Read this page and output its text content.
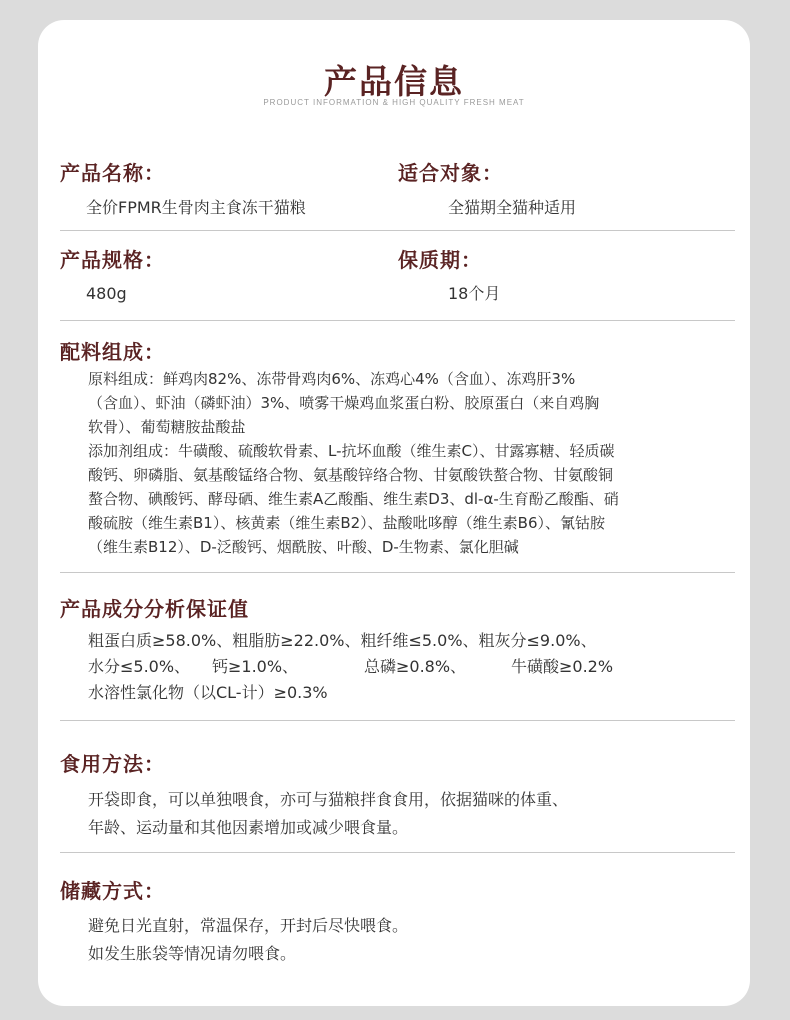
产品信息
PRODUCT INFORMATION & HIGH QUALITY FRESH MEAT
产品名称：
全价FPMR生骨肉主食冻干猫粮
适合对象：
全猫期全猫种适用
产品规格：
480g
保质期：
18个月
配料组成：
原料组成：鲜鸡肉82%、冻带骨鸡肉6%、冻鸡心4%（含血）、冻鸡肝3%
（含血）、虾油（磷虾油）3%、喷雾干燥鸡血浆蛋白粉、胶原蛋白（来自鸡胸
软骨）、葡萄糖胺盐酸盐
添加剂组成：牛磺酸、硫酸软骨素、L-抗坏血酸（维生素C）、甘露寡糖、轻质碳
酸钙、卵磷脂、氨基酸锰络合物、氨基酸锌络合物、甘氨酸铁螯合物、甘氨酸铜
螯合物、碘酸钙、酵母硒、维生素A乙酸酯、维生素D3、dl-α-生育酚乙酸酯、硝
酸硫胺（维生素B1）、核黄素（维生素B2）、盐酸吡哆醇（维生素B6）、氰钴胺
（维生素B12）、D-泛酸钙、烟酰胺、叶酸、D-生物素、氯化胆碱
产品成分分析保证值
粗蛋白质≥58.0%、粗脂肪≥22.0%、粗纤维≤5.0%、粗灰分≤9.0%、
水分≤5.0%、 钙≥1.0%、	总磷≥0.8%、	牛磺酸≥0.2%
水溶性氯化物（以CL-计）≥0.3%
食用方法：
开袋即食，可以单独喂食，亦可与猫粮拌食食用，依据猫咪的体重、
年龄、运动量和其他因素增加或减少喂食量。
储藏方式：
避免日光直射，常温保存，开封后尽快喂食。
如发生胀袋等情况请勿喂食。
